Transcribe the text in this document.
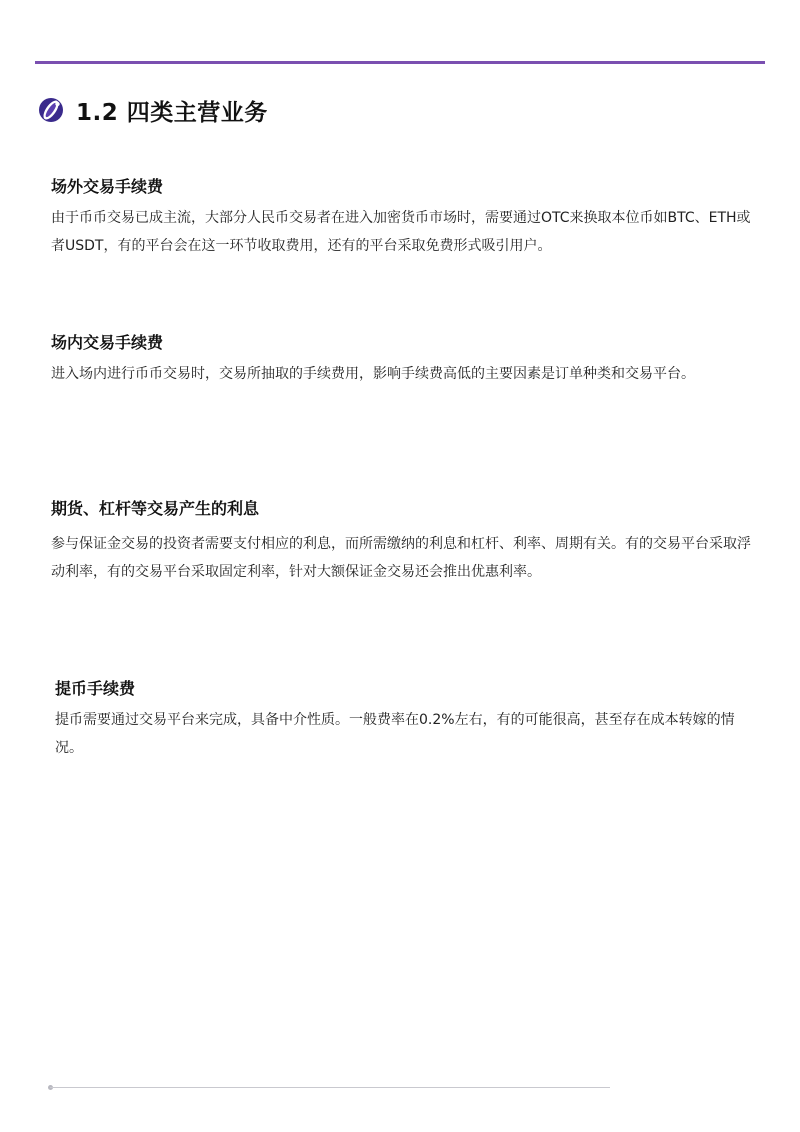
1.2 四类主营业务
场外交易手续费

由于币币交易已成主流，大部分人民币交易者在进入加密货币市场时，需要通过OTC来换取本位币如BTC、ETH或者USDT，有的平台会在这一环节收取费用，还有的平台采取免费形式吸引用户。

场内交易手续费

进入场内进行币币交易时，交易所抽取的手续费用，影响手续费高低的主要因素是订单种类和交易平台。

期货、杠杆等交易产生的利息

参与保证金交易的投资者需要支付相应的利息，而所需缴纳的利息和杠杆、利率、周期有关。有的交易平台采取浮动利率，有的交易平台采取固定利率，针对大额保证金交易还会推出优惠利率。

提币手续费

提币需要通过交易平台来完成，具备中介性质。一般费率在0.2%左右，有的可能很高，甚至存在成本转嫁的情况。
